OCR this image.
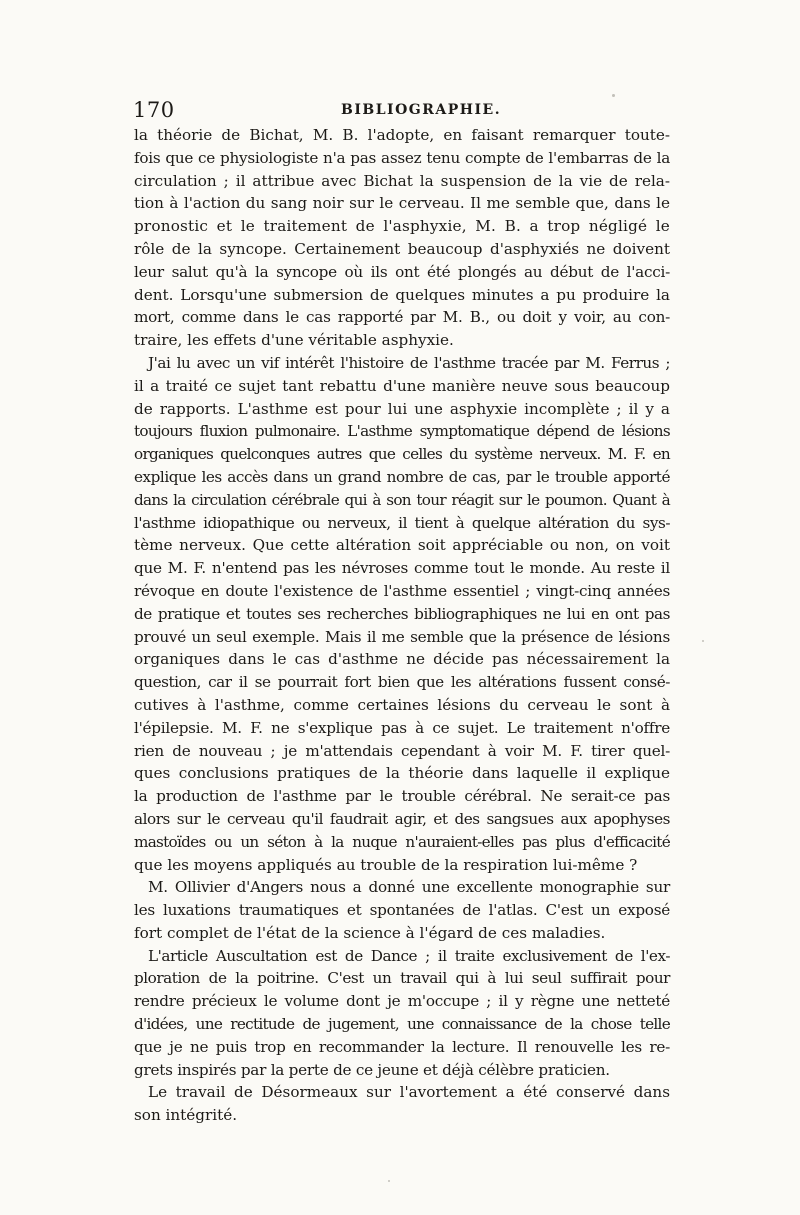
170	BIBLIOGRAPHIE.
la théorie de Bichat, M. B. l'adopte, en faisant remarquer toute-
fois que ce physiologiste n'a pas assez tenu compte de l'embarras de la
circulation ; il attribue avec Bichat la suspension de la vie de rela-
tion à l'action du sang noir sur le cerveau. Il me semble que, dans le
pronostic et le traitement de l'asphyxie, M. B. a trop négligé le
rôle de la syncope. Certainement beaucoup d'asphyxiés ne doivent
leur salut qu'à la syncope où ils ont été plongés au début de l'acci-
dent. Lorsqu'une submersion de quelques minutes a pu produire la
mort, comme dans le cas rapporté par M. B., ou doit y voir, au con-
traire, les effets d'une véritable asphyxie.
J'ai lu avec un vif intérêt l'histoire de l'asthme tracée par M. Ferrus ;
il a traité ce sujet tant rebattu d'une manière neuve sous beaucoup
de rapports. L'asthme est pour lui une asphyxie incomplète ; il y a
toujours fluxion pulmonaire. L'asthme symptomatique dépend de lésions
organiques quelconques autres que celles du système nerveux. M. F. en
explique les accès dans un grand nombre de cas, par le trouble apporté
dans la circulation cérébrale qui à son tour réagit sur le poumon. Quant à
l'asthme idiopathique ou nerveux, il tient à quelque altération du sys-
tème nerveux. Que cette altération soit appréciable ou non, on voit
que M. F. n'entend pas les névroses comme tout le monde. Au reste il
révoque en doute l'existence de l'asthme essentiel ; vingt-cinq années
de pratique et toutes ses recherches bibliographiques ne lui en ont pas
prouvé un seul exemple. Mais il me semble que la présence de lésions
organiques dans le cas d'asthme ne décide pas nécessairement la
question, car il se pourrait fort bien que les altérations fussent consé-
cutives à l'asthme, comme certaines lésions du cerveau le sont à
l'épilepsie. M. F. ne s'explique pas à ce sujet. Le traitement n'offre
rien de nouveau ; je m'attendais cependant à voir M. F. tirer quel-
ques conclusions pratiques de la théorie dans laquelle il explique
la production de l'asthme par le trouble cérébral. Ne serait-ce pas
alors sur le cerveau qu'il faudrait agir, et des sangsues aux apophyses
mastoïdes ou un séton à la nuque n'auraient-elles pas plus d'efficacité
que les moyens appliqués au trouble de la respiration lui-même ?
M. Ollivier d'Angers nous a donné une excellente monographie sur
les luxations traumatiques et spontanées de l'atlas. C'est un exposé
fort complet de l'état de la science à l'égard de ces maladies.
L'article Auscultation est de Dance ; il traite exclusivement de l'ex-
ploration de la poitrine. C'est un travail qui à lui seul suffirait pour
rendre précieux le volume dont je m'occupe ; il y règne une netteté
d'idées, une rectitude de jugement, une connaissance de la chose telle
que je ne puis trop en recommander la lecture. Il renouvelle les re-
grets inspirés par la perte de ce jeune et déjà célèbre praticien.
Le travail de Désormeaux sur l'avortement a été conservé dans
son intégrité.
